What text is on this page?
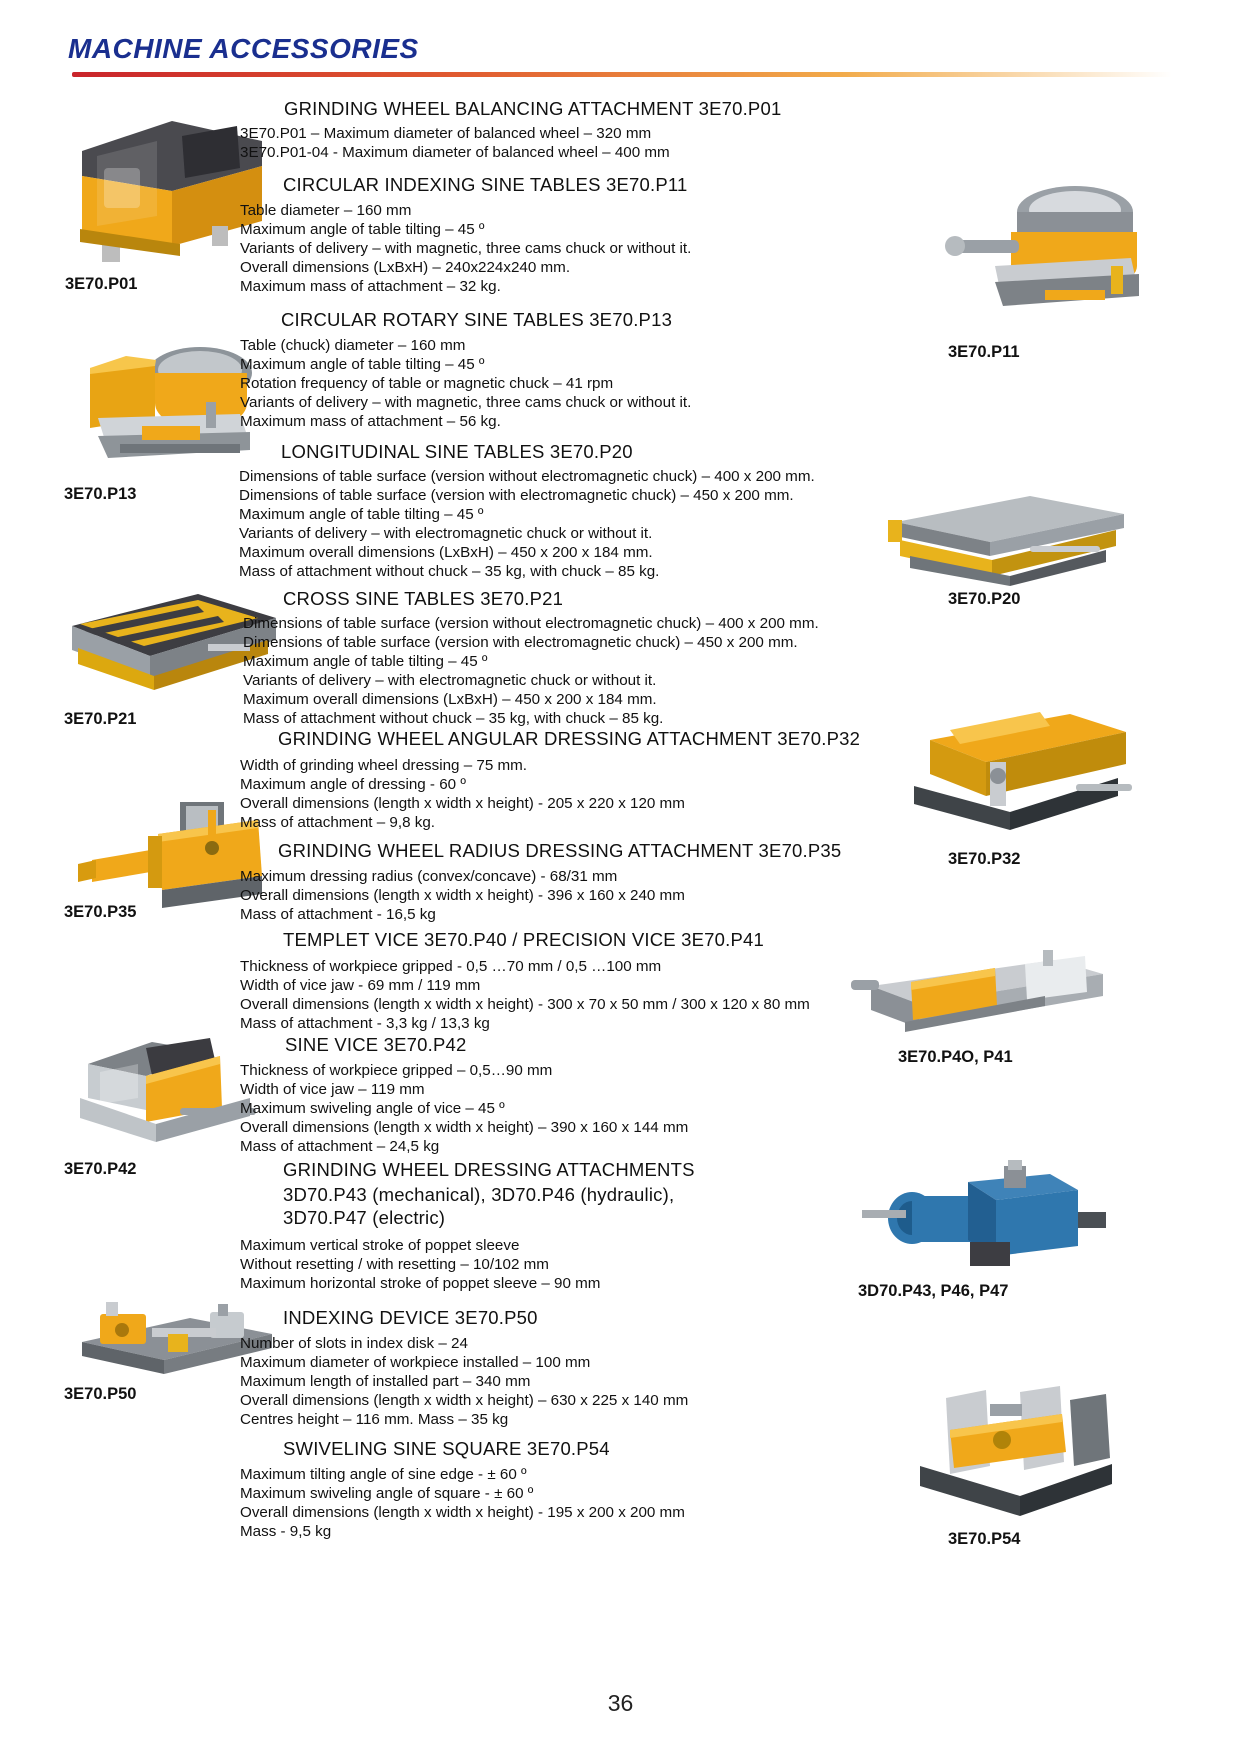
MACHINE ACCESSORIES
3E70.P01
3E70.P13
3E70.P21
3E70.P35
3E70.P42
3E70.P50
3E70.P11
3E70.P20
3E70.P32
3E70.P4O, P41
3D70.P43, P46, P47
3E70.P54
GRINDING WHEEL BALANCING ATTACHMENT 3E70.P01
3E70.P01 – Maximum diameter of balanced wheel – 320 mm
3E70.P01-04 - Maximum diameter of balanced wheel – 400 mm
CIRCULAR INDEXING SINE TABLES 3E70.P11
Table diameter – 160 mm
Maximum angle of table tilting – 45 º
Variants of delivery – with magnetic, three cams chuck or without it.
Overall dimensions (LxBxH) – 240x224x240 mm.
Maximum mass of attachment – 32 kg.
CIRCULAR ROTARY SINE TABLES 3E70.P13
Table (chuck) diameter – 160 mm
Maximum angle of table tilting – 45 º
Rotation frequency of table or magnetic chuck – 41 rpm
Variants of delivery – with magnetic, three cams chuck or without it.
Maximum mass of attachment – 56 kg.
LONGITUDINAL SINE TABLES 3E70.P20
Dimensions of table surface (version without electromagnetic chuck) – 400 x 200 mm.
Dimensions of table surface (version with electromagnetic chuck) – 450 x 200 mm.
Maximum angle of table tilting – 45 º
Variants of delivery – with electromagnetic chuck or without it.
Maximum overall dimensions (LxBxH) – 450 x 200 x 184 mm.
Mass of attachment without chuck – 35 kg, with chuck – 85 kg.
CROSS SINE TABLES 3E70.P21
Dimensions of table surface (version without electromagnetic chuck) – 400 x 200 mm.
Dimensions of table surface (version with electromagnetic chuck) – 450 x 200 mm.
Maximum angle of table tilting – 45 º
Variants of delivery – with electromagnetic chuck or without it.
Maximum overall dimensions (LxBxH) – 450 x 200 x 184 mm.
Mass of attachment without chuck – 35 kg, with chuck – 85 kg.
GRINDING WHEEL ANGULAR DRESSING ATTACHMENT 3E70.P32
Width of grinding wheel dressing – 75 mm.
Maximum angle of dressing - 60 º
Overall dimensions (length x width x height) - 205 x 220 x 120 mm
Mass of attachment – 9,8 kg.
GRINDING WHEEL RADIUS DRESSING ATTACHMENT 3E70.P35
Maximum dressing radius (convex/concave) - 68/31 mm
Overall dimensions (length x width x height) - 396 x 160 x 240 mm
Mass of attachment - 16,5 kg
TEMPLET VICE 3E70.P40 / PRECISION VICE 3E70.P41
Thickness of workpiece gripped - 0,5 …70 mm / 0,5 …100 mm
Width of vice jaw - 69 mm / 119 mm
Overall dimensions (length x width x height) - 300 x 70 x 50 mm / 300 x 120 x 80 mm
Mass of attachment - 3,3 kg / 13,3 kg
SINE VICE 3E70.P42
Thickness of workpiece gripped – 0,5…90 mm
Width of vice jaw – 119 mm
Maximum swiveling angle of vice – 45 º
Overall dimensions (length x width x height) – 390 x 160 x 144 mm
Mass of attachment – 24,5 kg
GRINDING WHEEL DRESSING ATTACHMENTS
3D70.P43 (mechanical), 3D70.P46 (hydraulic),
3D70.P47 (electric)
Maximum vertical stroke of poppet sleeve
Without resetting / with resetting – 10/102 mm
Maximum horizontal stroke of poppet sleeve – 90 mm
INDEXING DEVICE 3E70.P50
Number of slots in index disk – 24
Maximum diameter of workpiece installed – 100 mm
Maximum length of installed part – 340 mm
Overall dimensions (length x width x height) – 630 x 225 x 140 mm
Centres height – 116 mm. Mass – 35 kg
SWIVELING SINE SQUARE 3E70.P54
Maximum tilting angle of sine edge - ± 60 º
Maximum swiveling angle of square - ± 60 º
Overall dimensions (length x width x height) - 195 x 200 x 200 mm
Mass - 9,5 kg
36
